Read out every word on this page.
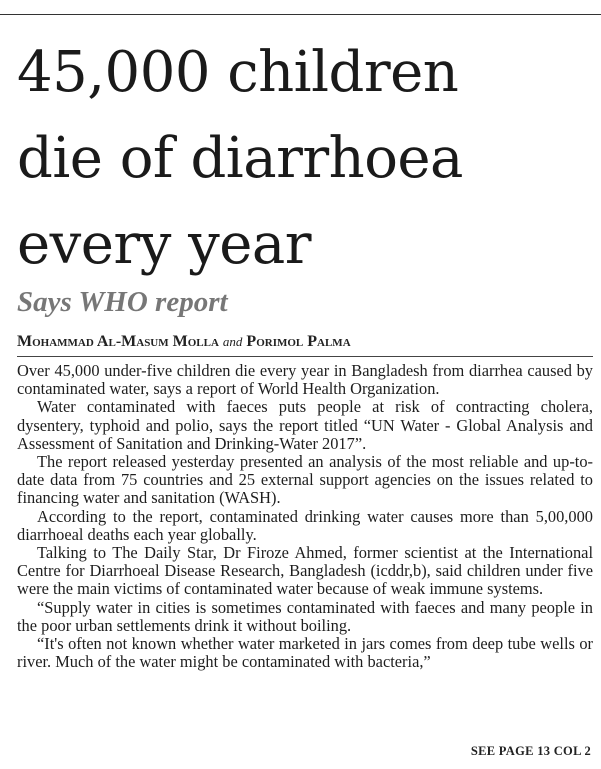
45,000 children
die of diarrhoea
every year
Says WHO report
Mohammad Al-Masum Molla and Porimol Palma

Over 45,000 under-five children die every year in Bangladesh from diarrhea caused by contaminated water, says a report of World Health Organization.

Water contaminated with faeces puts people at risk of contracting cholera, dysentery, typhoid and polio, says the report titled “UN Water - Global Analysis and Assessment of Sanitation and Drinking-Water 2017”.

The report released yesterday presented an analysis of the most reliable and up-to-date data from 75 countries and 25 external support agencies on the issues related to financing water and sanitation (WASH).

According to the report, contaminated drinking water causes more than 5,00,000 diarrhoeal deaths each year globally.

Talking to The Daily Star, Dr Firoze Ahmed, former scientist at the International Centre for Diarrhoeal Disease Research, Bangladesh (icddr,b), said children under five were the main victims of contaminated water because of weak immune systems.

“Supply water in cities is sometimes contaminated with faeces and many people in the poor urban settlements drink it without boiling.

“It's often not known whether water marketed in jars comes from deep tube wells or river. Much of the water might be contaminated with bacteria,”

SEE PAGE 13 COL 2
